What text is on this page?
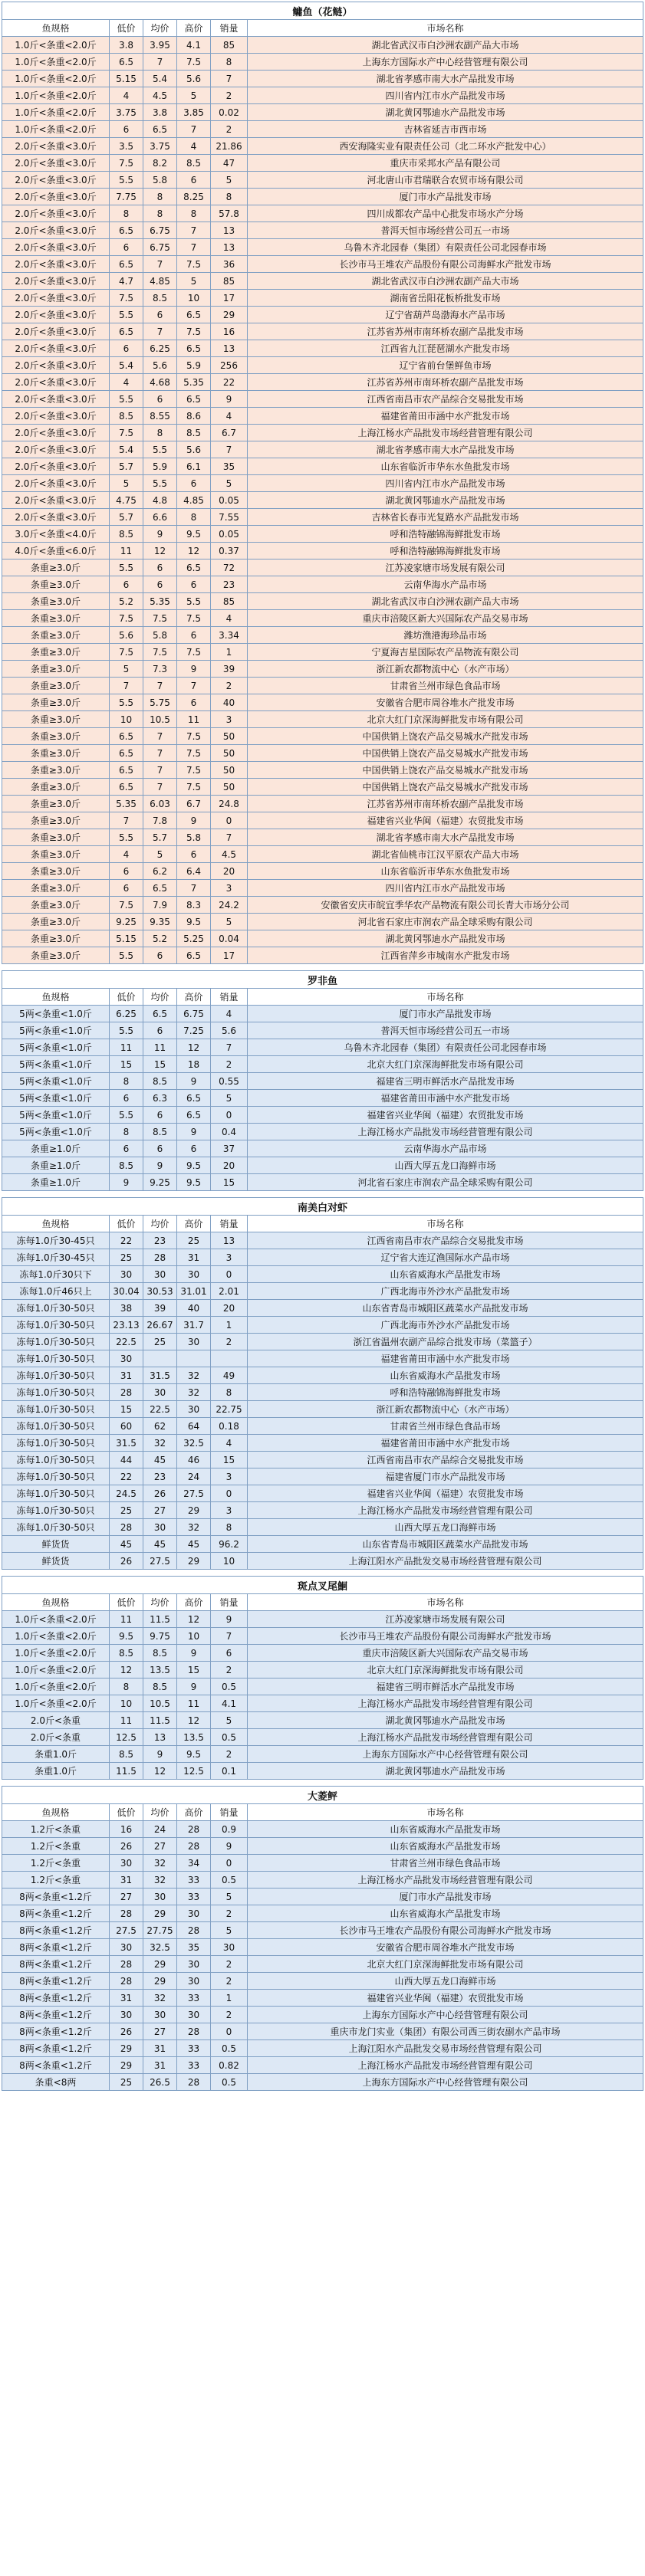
鳙鱼（花鲢）					
鱼规格	低价	均价	高价	销量	市场名称
1.0斤<条重<2.0斤	3.8	3.95	4.1	85	湖北省武汉市白沙洲农副产品大市场
1.0斤<条重<2.0斤	6.5	7	7.5	8	上海东方国际水产中心经营管理有限公司
1.0斤<条重<2.0斤	5.15	5.4	5.6	7	湖北省孝感市南大水产品批发市场
1.0斤<条重<2.0斤	4	4.5	5	2	四川省内江市水产品批发市场
1.0斤<条重<2.0斤	3.75	3.8	3.85	0.02	湖北黄冈鄂迪水产品批发市场
1.0斤<条重<2.0斤	6	6.5	7	2	吉林省延吉市西市场
2.0斤<条重<3.0斤	3.5	3.75	4	21.86	西安海隆实业有限责任公司（北二环水产批发中心）
2.0斤<条重<3.0斤	7.5	8.2	8.5	47	重庆市采邦水产品有限公司
2.0斤<条重<3.0斤	5.5	5.8	6	5	河北唐山市君瑞联合农贸市场有限公司
2.0斤<条重<3.0斤	7.75	8	8.25	8	厦门市水产品批发市场
2.0斤<条重<3.0斤	8	8	8	57.8	四川成都农产品中心批发市场水产分场
2.0斤<条重<3.0斤	6.5	6.75	7	13	普洱天恒市场经营公司五一市场
2.0斤<条重<3.0斤	6	6.75	7	13	乌鲁木齐北园春（集团）有限责任公司北园春市场
2.0斤<条重<3.0斤	6.5	7	7.5	36	长沙市马王堆农产品股份有限公司海鲜水产批发市场
2.0斤<条重<3.0斤	4.7	4.85	5	85	湖北省武汉市白沙洲农副产品大市场
2.0斤<条重<3.0斤	7.5	8.5	10	17	湖南省岳阳花板桥批发市场
2.0斤<条重<3.0斤	5.5	6	6.5	29	辽宁省葫芦岛渤海水产品市场
2.0斤<条重<3.0斤	6.5	7	7.5	16	江苏省苏州市南环桥农副产品批发市场
2.0斤<条重<3.0斤	6	6.25	6.5	13	江西省九江琵琶湖水产批发市场
2.0斤<条重<3.0斤	5.4	5.6	5.9	256	辽宁省前台堡鲜鱼市场
2.0斤<条重<3.0斤	4	4.68	5.35	22	江苏省苏州市南环桥农副产品批发市场
2.0斤<条重<3.0斤	5.5	6	6.5	9	江西省南昌市农产品综合交易批发市场
2.0斤<条重<3.0斤	8.5	8.55	8.6	4	福建省莆田市涵中水产批发市场
2.0斤<条重<3.0斤	7.5	8	8.5	6.7	上海江杨水产品批发市场经营管理有限公司
2.0斤<条重<3.0斤	5.4	5.5	5.6	7	湖北省孝感市南大水产品批发市场
2.0斤<条重<3.0斤	5.7	5.9	6.1	35	山东省临沂市华东水鱼批发市场
2.0斤<条重<3.0斤	5	5.5	6	5	四川省内江市水产品批发市场
2.0斤<条重<3.0斤	4.75	4.8	4.85	0.05	湖北黄冈鄂迪水产品批发市场
2.0斤<条重<3.0斤	5.7	6.6	8	7.55	吉林省长春市光复路水产品批发市场
3.0斤<条重<4.0斤	8.5	9	9.5	0.05	呼和浩特融锦海鲜批发市场
4.0斤<条重<6.0斤	11	12	12	0.37	呼和浩特融锦海鲜批发市场
条重≥3.0斤	5.5	6	6.5	72	江苏凌家塘市场发展有限公司
条重≥3.0斤	6	6	6	23	云南华海水产品市场
条重≥3.0斤	5.2	5.35	5.5	85	湖北省武汉市白沙洲农副产品大市场
条重≥3.0斤	7.5	7.5	7.5	4	重庆市涪陵区新大兴国际农产品交易市场
条重≥3.0斤	5.6	5.8	6	3.34	潍坊渔港海珍品市场
条重≥3.0斤	7.5	7.5	7.5	1	宁夏海吉星国际农产品物流有限公司
条重≥3.0斤	5	7.3	9	39	浙江新农都物流中心（水产市场）
条重≥3.0斤	7	7	7	2	甘肃省兰州市绿色食品市场
条重≥3.0斤	5.5	5.75	6	40	安徽省合肥市周谷堆水产批发市场
条重≥3.0斤	10	10.5	11	3	北京大红门京深海鲜批发市场有限公司
条重≥3.0斤	6.5	7	7.5	50	中国供销上饶农产品交易城水产批发市场
条重≥3.0斤	6.5	7	7.5	50	中国供销上饶农产品交易城水产批发市场
条重≥3.0斤	6.5	7	7.5	50	中国供销上饶农产品交易城水产批发市场
条重≥3.0斤	6.5	7	7.5	50	中国供销上饶农产品交易城水产批发市场
条重≥3.0斤	5.35	6.03	6.7	24.8	江苏省苏州市南环桥农副产品批发市场
条重≥3.0斤	7	7.8	9	0	福建省兴业华闽（福建）农贸批发市场
条重≥3.0斤	5.5	5.7	5.8	7	湖北省孝感市南大水产品批发市场
条重≥3.0斤	4	5	6	4.5	湖北省仙桃市江汉平原农产品大市场
条重≥3.0斤	6	6.2	6.4	20	山东省临沂市华东水鱼批发市场
条重≥3.0斤	6	6.5	7	3	四川省内江市水产品批发市场
条重≥3.0斤	7.5	7.9	8.3	24.2	安徽省安庆市皖宜季华农产品物流有限公司长青大市场分公司
条重≥3.0斤	9.25	9.35	9.5	5	河北省石家庄市润农产品全球采购有限公司
条重≥3.0斤	5.15	5.2	5.25	0.04	湖北黄冈鄂迪水产品批发市场
条重≥3.0斤	5.5	6	6.5	17	江西省萍乡市城南水产批发市场

罗非鱼					
鱼规格	低价	均价	高价	销量	市场名称
5两<条重<1.0斤	6.25	6.5	6.75	4	厦门市水产品批发市场
5两<条重<1.0斤	5.5	6	7.25	5.6	普洱天恒市场经营公司五一市场
5两<条重<1.0斤	11	11	12	7	乌鲁木齐北园春（集团）有限责任公司北园春市场
5两<条重<1.0斤	15	15	18	2	北京大红门京深海鲜批发市场有限公司
5两<条重<1.0斤	8	8.5	9	0.55	福建省三明市鲜活水产品批发市场
5两<条重<1.0斤	6	6.3	6.5	5	福建省莆田市涵中水产批发市场
5两<条重<1.0斤	5.5	6	6.5	0	福建省兴业华闽（福建）农贸批发市场
5两<条重<1.0斤	8	8.5	9	0.4	上海江杨水产品批发市场经营管理有限公司
条重≥1.0斤	6	6	6	37	云南华海水产品市场
条重≥1.0斤	8.5	9	9.5	20	山西大厚五龙口海鲜市场
条重≥1.0斤	9	9.25	9.5	15	河北省石家庄市润农产品全球采购有限公司

南美白对虾					
鱼规格	低价	均价	高价	销量	市场名称
冻每1.0斤30-45只	22	23	25	13	江西省南昌市农产品综合交易批发市场
冻每1.0斤30-45只	25	28	31	3	辽宁省大连辽渔国际水产品市场
冻每1.0斤30只下	30	30	30	0	山东省威海水产品批发市场
冻每1.0斤46只上	30.04	30.53	31.01	2.01	广西北海市外沙水产品批发市场
冻每1.0斤30-50只	38	39	40	20	山东省青岛市城阳区蔬菜水产品批发市场
冻每1.0斤30-50只	23.13	26.67	31.7	1	广西北海市外沙水产品批发市场
冻每1.0斤30-50只	22.5	25	30	2	浙江省温州农副产品综合批发市场（菜篮子）
冻每1.0斤30-50只	30				福建省莆田市涵中水产批发市场
冻每1.0斤30-50只	31	31.5	32	49	山东省威海水产品批发市场
冻每1.0斤30-50只	28	30	32	8	呼和浩特融锦海鲜批发市场
冻每1.0斤30-50只	15	22.5	30	22.75	浙江新农都物流中心（水产市场）
冻每1.0斤30-50只	60	62	64	0.18	甘肃省兰州市绿色食品市场
冻每1.0斤30-50只	31.5	32	32.5	4	福建省莆田市涵中水产批发市场
冻每1.0斤30-50只	44	45	46	15	江西省南昌市农产品综合交易批发市场
冻每1.0斤30-50只	22	23	24	3	福建省厦门市水产品批发市场
冻每1.0斤30-50只	24.5	26	27.5	0	福建省兴业华闽（福建）农贸批发市场
冻每1.0斤30-50只	25	27	29	3	上海江杨水产品批发市场经营管理有限公司
冻每1.0斤30-50只	28	30	32	8	山西大厚五龙口海鲜市场
鲜货货	45	45	45	96.2	山东省青岛市城阳区蔬菜水产品批发市场
鲜货货	26	27.5	29	10	上海江阳水产品批发交易市场经营管理有限公司

斑点叉尾鮰					
鱼规格	低价	均价	高价	销量	市场名称
1.0斤<条重<2.0斤	11	11.5	12	9	江苏凌家塘市场发展有限公司
1.0斤<条重<2.0斤	9.5	9.75	10	7	长沙市马王堆农产品股份有限公司海鲜水产批发市场
1.0斤<条重<2.0斤	8.5	8.5	9	6	重庆市涪陵区新大兴国际农产品交易市场
1.0斤<条重<2.0斤	12	13.5	15	2	北京大红门京深海鲜批发市场有限公司
1.0斤<条重<2.0斤	8	8.5	9	0.5	福建省三明市鲜活水产品批发市场
1.0斤<条重<2.0斤	10	10.5	11	4.1	上海江杨水产品批发市场经营管理有限公司
2.0斤<条重	11	11.5	12	5	湖北黄冈鄂迪水产品批发市场
2.0斤<条重	12.5	13	13.5	0.5	上海江杨水产品批发市场经营管理有限公司
条重1.0斤	8.5	9	9.5	2	上海东方国际水产中心经营管理有限公司
条重1.0斤	11.5	12	12.5	0.1	湖北黄冈鄂迪水产品批发市场

大菱鲆					
鱼规格	低价	均价	高价	销量	市场名称
1.2斤<条重	16	24	28	0.9	山东省威海水产品批发市场
1.2斤<条重	26	27	28	9	山东省威海水产品批发市场
1.2斤<条重	30	32	34	0	甘肃省兰州市绿色食品市场
1.2斤<条重	31	32	33	0.5	上海江杨水产品批发市场经营管理有限公司
8两<条重<1.2斤	27	30	33	5	厦门市水产品批发市场
8两<条重<1.2斤	28	29	30	2	山东省威海水产品批发市场
8两<条重<1.2斤	27.5	27.75	28	5	长沙市马王堆农产品股份有限公司海鲜水产批发市场
8两<条重<1.2斤	30	32.5	35	30	安徽省合肥市周谷堆水产批发市场
8两<条重<1.2斤	28	29	30	2	北京大红门京深海鲜批发市场有限公司
8两<条重<1.2斤	28	29	30	2	山西大厚五龙口海鲜市场
8两<条重<1.2斤	31	32	33	1	福建省兴业华闽（福建）农贸批发市场
8两<条重<1.2斤	30	30	30	2	上海东方国际水产中心经营管理有限公司
8两<条重<1.2斤	26	27	28	0	重庆市龙门实业（集团）有限公司西三街农副水产品市场
8两<条重<1.2斤	29	31	33	0.5	上海江阳水产品批发交易市场经营管理有限公司
8两<条重<1.2斤	29	31	33	0.82	上海江杨水产品批发市场经营管理有限公司
条重<8两	25	26.5	28	0.5	上海东方国际水产中心经营管理有限公司
